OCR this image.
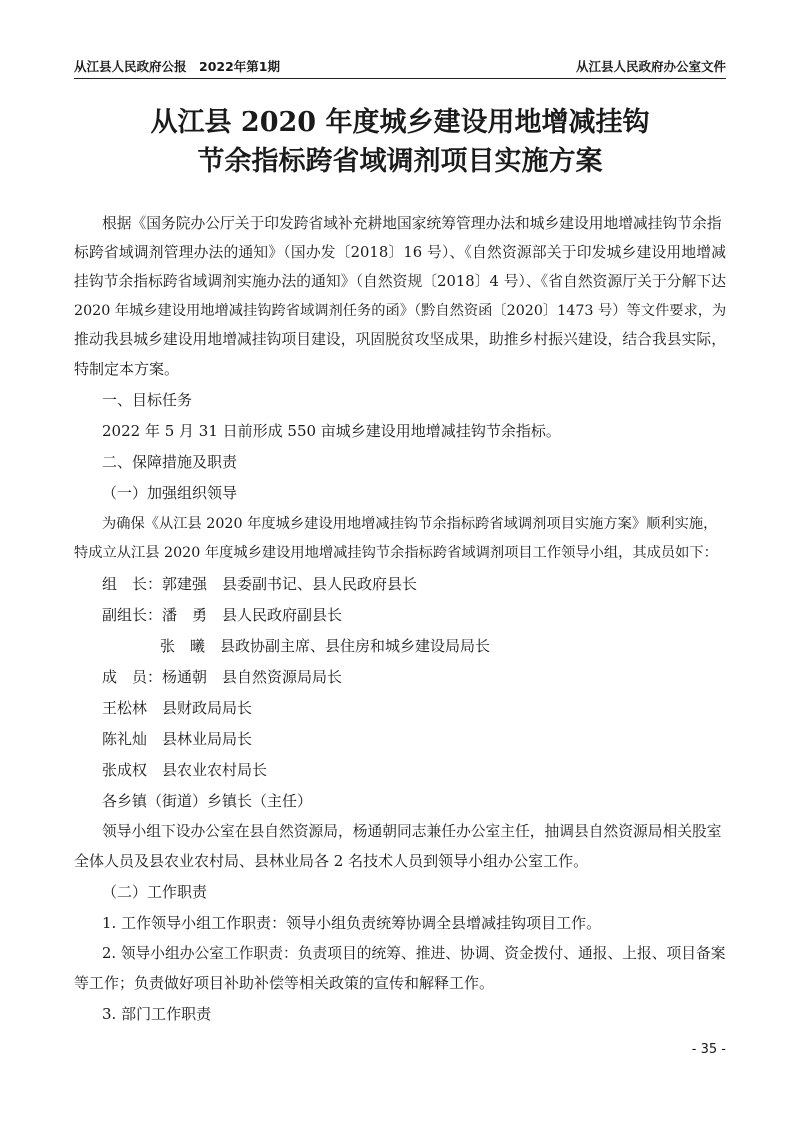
从江县人民政府公报　2022年第1期	从江县人民政府办公室文件
从江县 2020 年度城乡建设用地增减挂钩
节余指标跨省域调剂项目实施方案
根据《国务院办公厅关于印发跨省域补充耕地国家统筹管理办法和城乡建设用地增减挂钩节余指
标跨省域调剂管理办法的通知》（国办发〔2018〕16 号）、《自然资源部关于印发城乡建设用地增减
挂钩节余指标跨省域调剂实施办法的通知》（自然资规〔2018〕4 号）、《省自然资源厅关于分解下达
2020 年城乡建设用地增减挂钩跨省域调剂任务的函》（黔自然资函〔2020〕1473 号）等文件要求，为
推动我县城乡建设用地增减挂钩项目建设，巩固脱贫攻坚成果，助推乡村振兴建设，结合我县实际，
特制定本方案。
一、目标任务
2022 年 5 月 31 日前形成 550 亩城乡建设用地增减挂钩节余指标。
二、保障措施及职责
（一）加强组织领导
为确保《从江县 2020 年度城乡建设用地增减挂钩节余指标跨省域调剂项目实施方案》顺利实施，
特成立从江县 2020 年度城乡建设用地增减挂钩节余指标跨省域调剂项目工作领导小组，其成员如下：
组　长：郭建强　县委副书记、县人民政府县长
副组长：潘　勇　县人民政府副县长
张　曦　县政协副主席、县住房和城乡建设局局长
成　员：杨通朝　县自然资源局局长
王松林　县财政局局长
陈礼灿　县林业局局长
张成权　县农业农村局长
各乡镇（街道）乡镇长（主任）
领导小组下设办公室在县自然资源局，杨通朝同志兼任办公室主任，抽调县自然资源局相关股室
全体人员及县农业农村局、县林业局各 2 名技术人员到领导小组办公室工作。
（二）工作职责
1. 工作领导小组工作职责：领导小组负责统筹协调全县增减挂钩项目工作。
2. 领导小组办公室工作职责：负责项目的统筹、推进、协调、资金拨付、通报、上报、项目备案
等工作；负责做好项目补助补偿等相关政策的宣传和解释工作。
3. 部门工作职责
- 35 -
